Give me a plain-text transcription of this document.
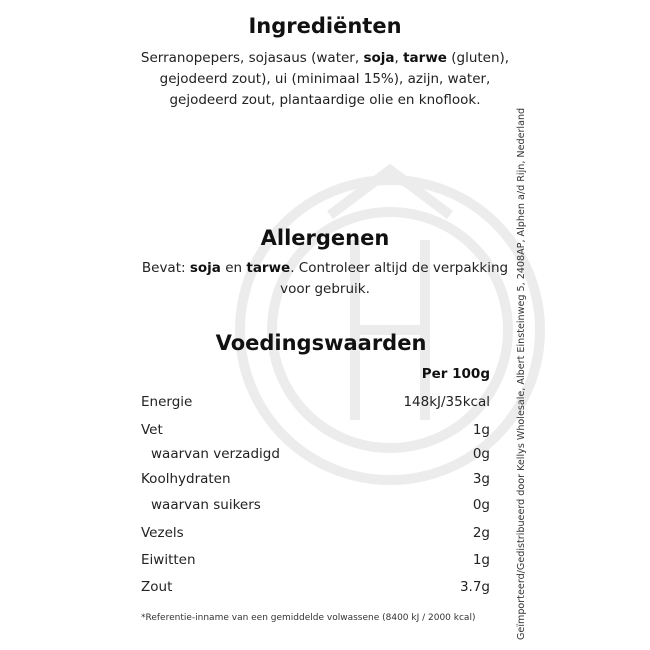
Ingrediënten
Serranopepers, sojasaus (water, soja, tarwe (gluten),
gejodeerd zout), ui (minimaal 15%), azijn, water,
gejodeerd zout, plantaardige olie en knoflook.
Allergenen
Bevat: soja en tarwe. Controleer altijd de verpakking
voor gebruik.
Voedingswaarden
Per 100g
Energie	148kJ/35kcal
Vet	1g
waarvan verzadigd	0g
Koolhydraten	3g
waarvan suikers	0g
Vezels	2g
Eiwitten	1g
Zout	3.7g
*Referentie-inname van een gemiddelde volwassene (8400 kJ / 2000 kcal)	Geïmporteerd/Gedistribueerd door Kellys Wholesale, Albert Einsteinweg 5, 2408AP, Alphen a/d Rijn, Nederland
